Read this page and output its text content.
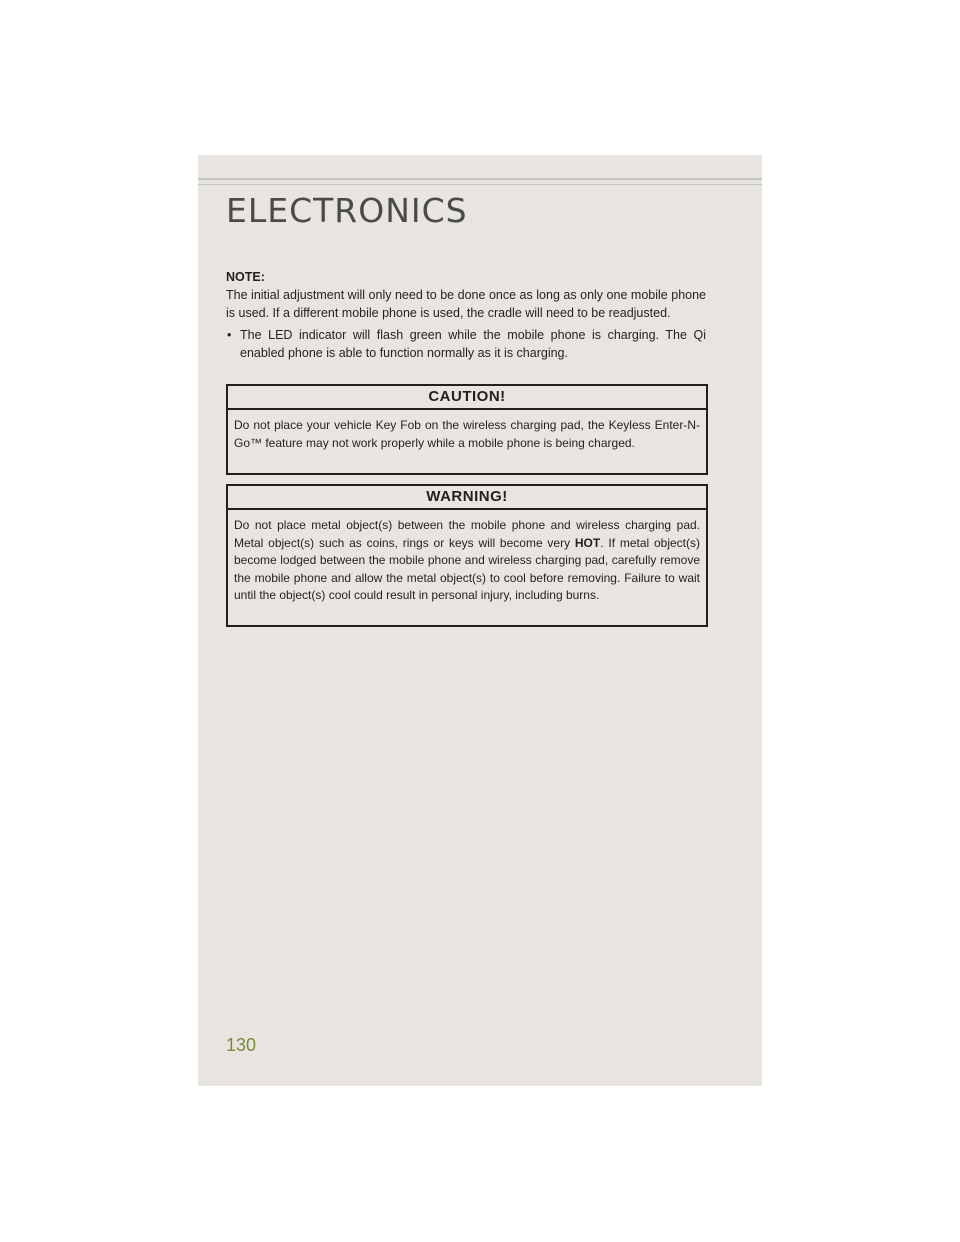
ELECTRONICS
NOTE:

The initial adjustment will only need to be done once as long as only one mobile phone is used. If a different mobile phone is used, the cradle will need to be readjusted.

• The LED indicator will flash green while the mobile phone is charging. The Qi enabled phone is able to function normally as it is charging.
CAUTION!
Do not place your vehicle Key Fob on the wireless charging pad, the Keyless Enter-N-Go™ feature may not work properly while a mobile phone is being charged.
WARNING!
Do not place metal object(s) between the mobile phone and wireless charging pad. Metal object(s) such as coins, rings or keys will become very HOT. If metal object(s) become lodged between the mobile phone and wireless charging pad, carefully remove the mobile phone and allow the metal object(s) to cool before removing. Failure to wait until the object(s) cool could result in personal injury, including burns.
130
